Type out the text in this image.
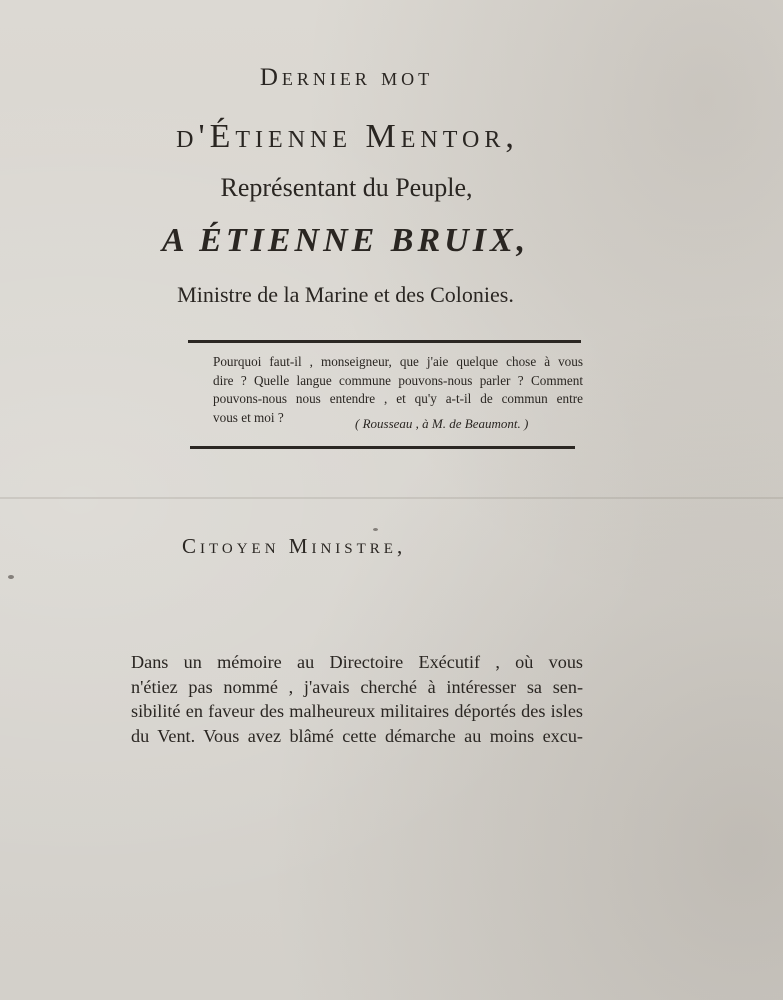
Dernier mot
d'Étienne Mentor,
Représentant du Peuple,
A ÉTIENNE BRUIX,
Ministre de la Marine et des Colonies.
Pourquoi faut-il , monseigneur, que j'aie quelque chose à vous
dire ? Quelle langue commune pouvons-nous parler ? Comment
pouvons-nous nous entendre , et qu'y a-t-il de commun entre
vous et moi ?	( Rousseau , à M. de Beaumont. )
Citoyen Ministre,
Dans un mémoire au Directoire Exécutif , où vous
n'étiez pas nommé , j'avais cherché à intéresser sa sen-
sibilité en faveur des malheureux militaires déportés des isles
du Vent. Vous avez blâmé cette démarche au moins excu-
